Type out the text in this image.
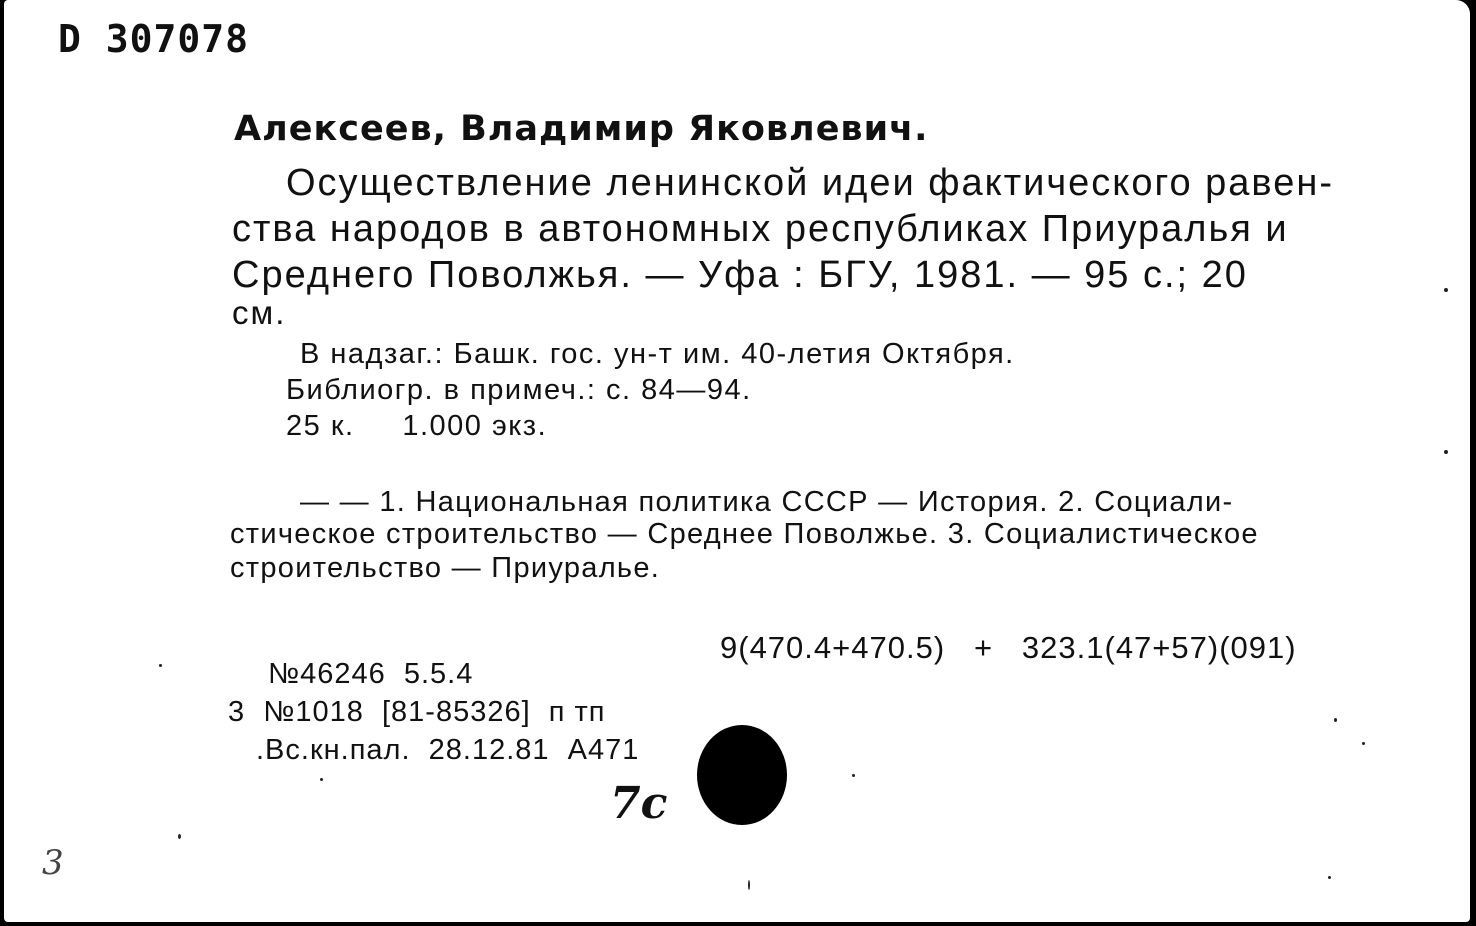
D 307078
Алексеев, Владимир Яковлевич.
Осуществление ленинской идеи фактического равен-
ства народов в автономных республиках Приуралья и
Среднего Поволжья. — Уфа : БГУ, 1981. — 95 с.; 20
см.
В надзаг.: Башк. гос. ун-т им. 40-летия Октября.
Библиогр. в примеч.: с. 84—94.
25 к.     1.000 экз.
— — 1. Национальная политика СССР — История. 2. Социали-
стическое строительство — Среднее Поволжье. 3. Социалистическое
строительство — Приуралье.
9(470.4+470.5)   +   323.1(47+57)(091)
№46246  5.5.4
3  №1018  [81-85326]  п тп
.Вс.кн.пал.  28.12.81  А471
7c
3
